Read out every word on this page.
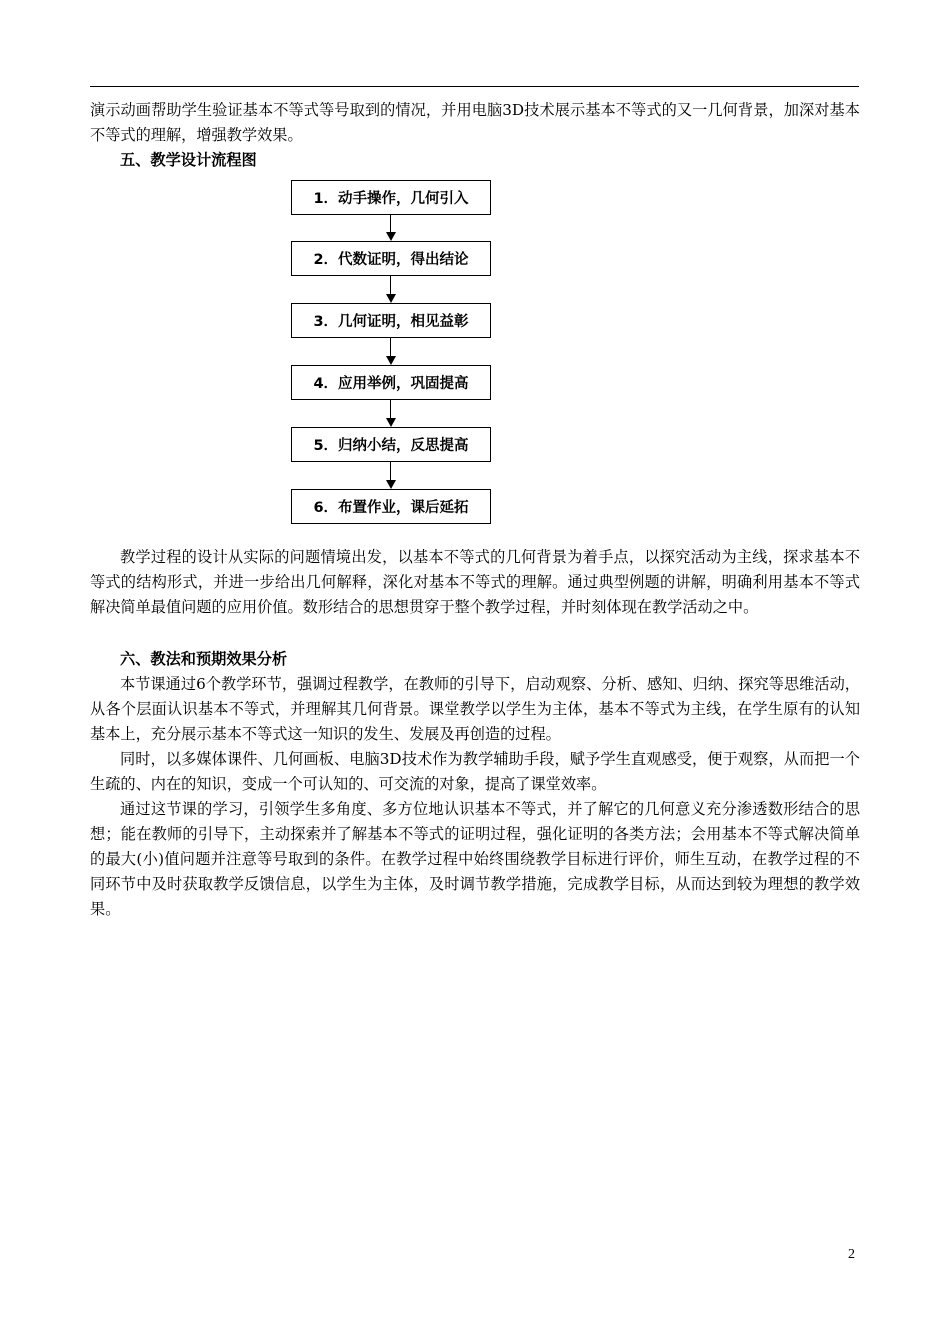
演示动画帮助学生验证基本不等式等号取到的情况，并用电脑3D技术展示基本不等式的又一几何背景，加深对基本不等式的理解，增强教学效果。

五、教学设计流程图

1．动手操作，几何引入
2．代数证明，得出结论
3．几何证明，相见益彰
4．应用举例，巩固提高
5．归纳小结，反思提高
6．布置作业，课后延拓

教学过程的设计从实际的问题情境出发，以基本不等式的几何背景为着手点，以探究活动为主线，探求基本不等式的结构形式，并进一步给出几何解释，深化对基本不等式的理解。通过典型例题的讲解，明确利用基本不等式解决简单最值问题的应用价值。数形结合的思想贯穿于整个教学过程，并时刻体现在教学活动之中。

六、教法和预期效果分析

本节课通过6个教学环节，强调过程教学，在教师的引导下，启动观察、分析、感知、归纳、探究等思维活动，从各个层面认识基本不等式，并理解其几何背景。课堂教学以学生为主体，基本不等式为主线，在学生原有的认知基本上，充分展示基本不等式这一知识的发生、发展及再创造的过程。

同时，以多媒体课件、几何画板、电脑3D技术作为教学辅助手段，赋予学生直观感受，便于观察，从而把一个生疏的、内在的知识，变成一个可认知的、可交流的对象，提高了课堂效率。

通过这节课的学习，引领学生多角度、多方位地认识基本不等式，并了解它的几何意义充分渗透数形结合的思想；能在教师的引导下，主动探索并了解基本不等式的证明过程，强化证明的各类方法；会用基本不等式解决简单的最大(小)值问题并注意等号取到的条件。在教学过程中始终围绕教学目标进行评价，师生互动，在教学过程的不同环节中及时获取教学反馈信息，以学生为主体，及时调节教学措施，完成教学目标，从而达到较为理想的教学效果。

2
